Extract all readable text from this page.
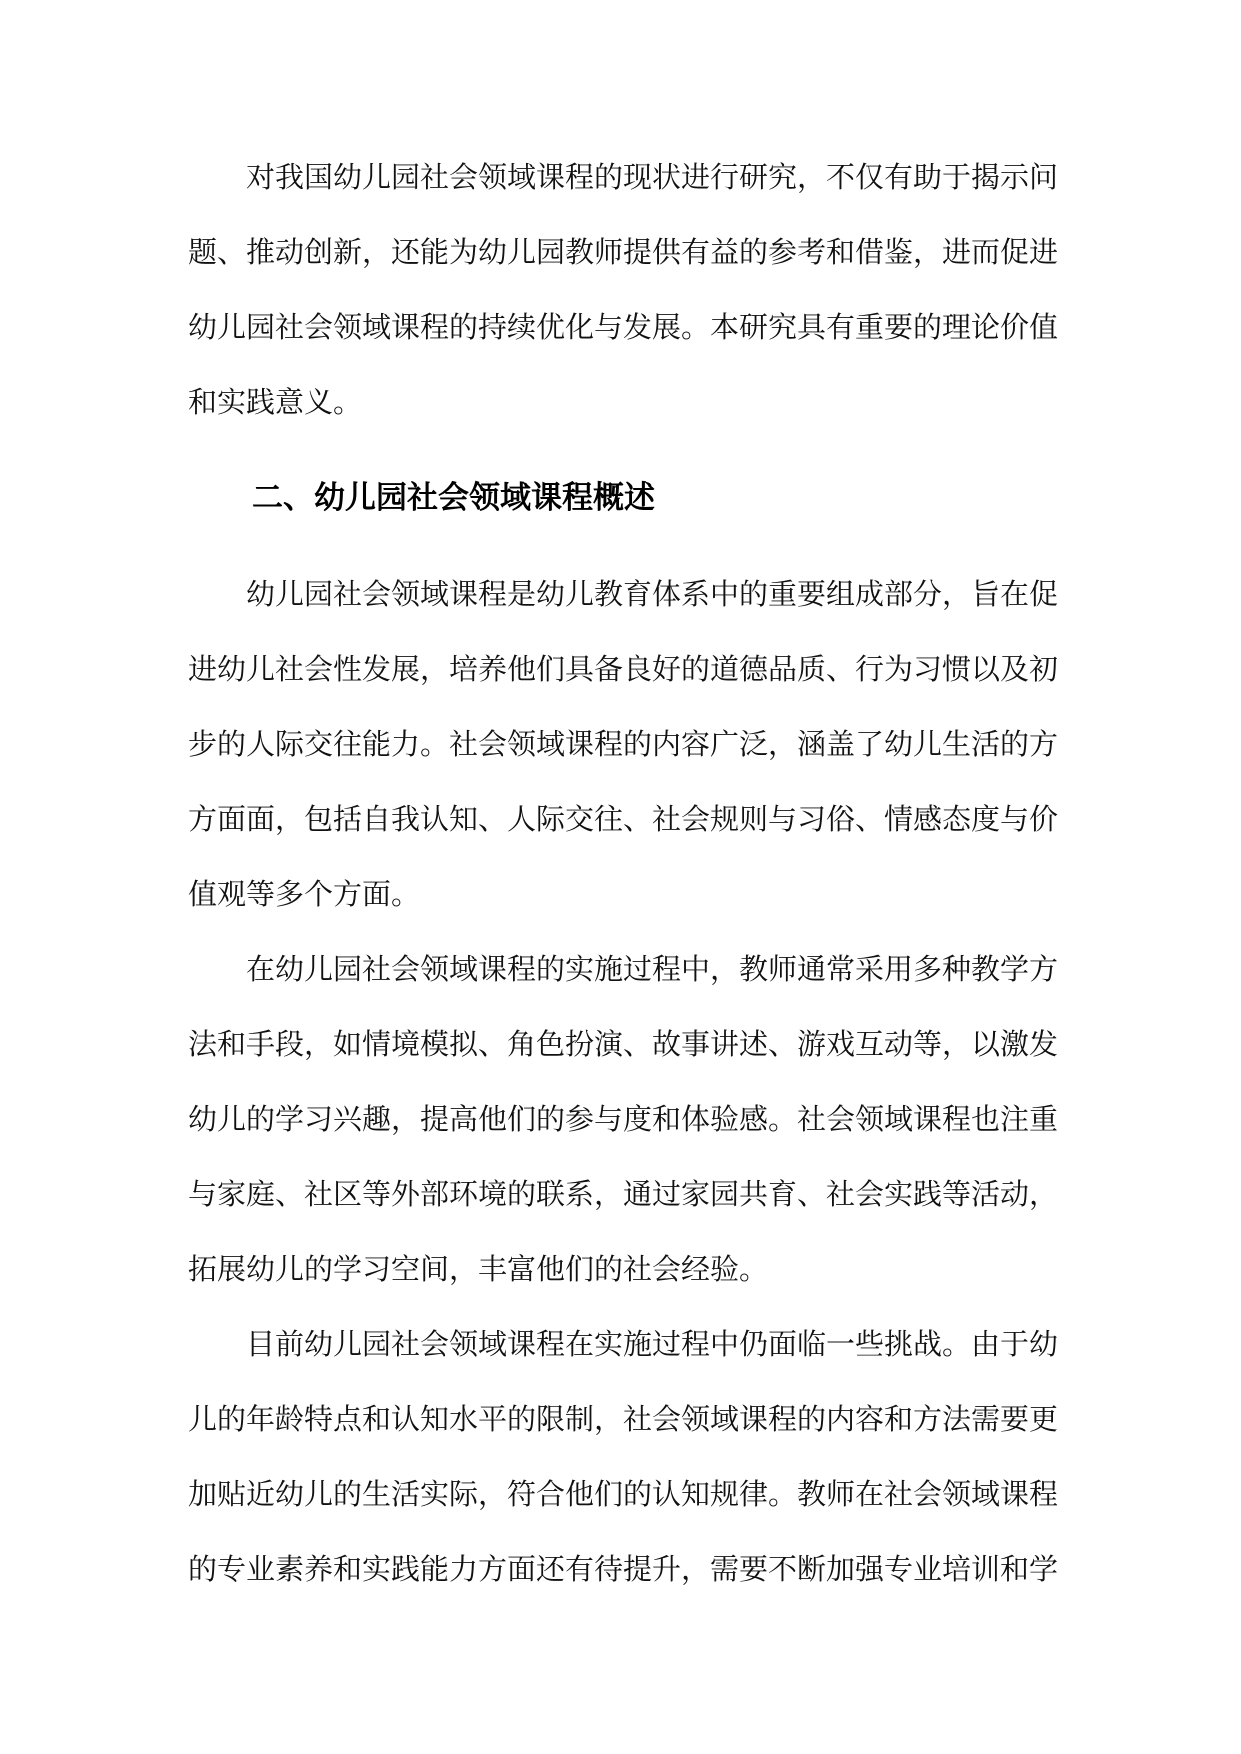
对我国幼儿园社会领域课程的现状进行研究，不仅有助于揭示问题、推动创新，还能为幼儿园教师提供有益的参考和借鉴，进而促进幼儿园社会领域课程的持续优化与发展。本研究具有重要的理论价值和实践意义。

二、幼儿园社会领域课程概述

幼儿园社会领域课程是幼儿教育体系中的重要组成部分，旨在促进幼儿社会性发展，培养他们具备良好的道德品质、行为习惯以及初步的人际交往能力。社会领域课程的内容广泛，涵盖了幼儿生活的方方面面，包括自我认知、人际交往、社会规则与习俗、情感态度与价值观等多个方面。

在幼儿园社会领域课程的实施过程中，教师通常采用多种教学方法和手段，如情境模拟、角色扮演、故事讲述、游戏互动等，以激发幼儿的学习兴趣，提高他们的参与度和体验感。社会领域课程也注重与家庭、社区等外部环境的联系，通过家园共育、社会实践等活动，拓展幼儿的学习空间，丰富他们的社会经验。

目前幼儿园社会领域课程在实施过程中仍面临一些挑战。由于幼儿的年龄特点和认知水平的限制，社会领域课程的内容和方法需要更加贴近幼儿的生活实际，符合他们的认知规律。教师在社会领域课程的专业素养和实践能力方面还有待提升，需要不断加强专业培训和学
